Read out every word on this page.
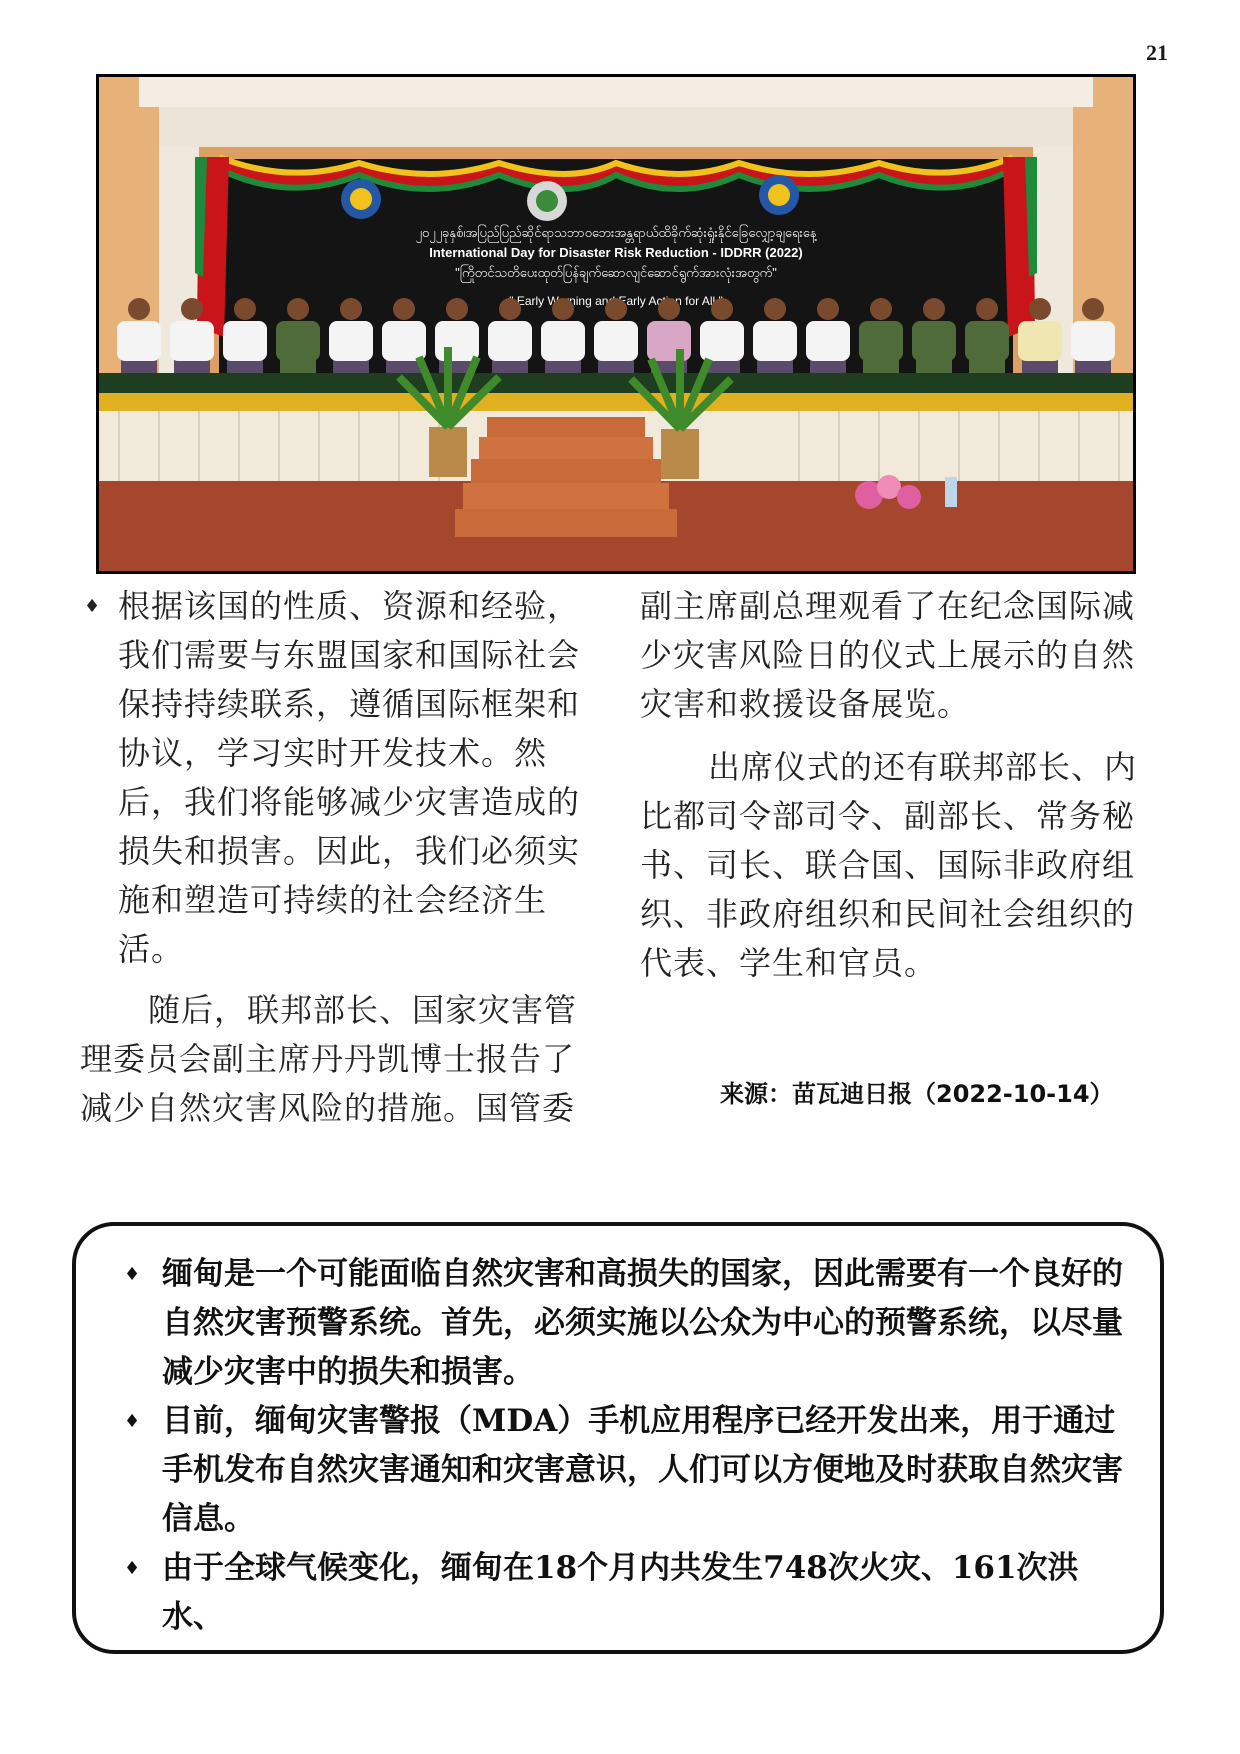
21
၂၀၂၂ခုနှစ်၊အပြည်ပြည်ဆိုင်ရာသဘာဝဘေးအန္တရာယ်ထိခိုက်ဆုံးရှုံးနိုင်ခြေလျှော့ချရေးနေ့
International Day for Disaster Risk Reduction - IDDRR (2022)
"ကြိုတင်သတိပေးထုတ်ပြန်ချက်ဆောလျင်ဆောင်ရွက်အားလုံးအတွက်"
Early and Early for All

♦ 根据该国的性质、资源和经验，我们需要与东盟国家和国际社会保持持续联系，遵循国际框架和协议，学习实时开发技术。然后，我们将能够减少灾害造成的损失和损害。因此，我们必须实施和塑造可持续的社会经济生活。

随后，联邦部长、国家灾害管理委员会副主席丹丹凯博士报告了减少自然灾害风险的措施。国管委

副主席副总理观看了在纪念国际减少灾害风险日的仪式上展示的自然灾害和救援设备展览。

出席仪式的还有联邦部长、内比都司令部司令、副部长、常务秘书、司长、联合国、国际非政府组织、非政府组织和民间社会组织的代表、学生和官员。

来源：苗瓦迪日报（2022-10-14）

♦ 缅甸是一个可能面临自然灾害和高损失的国家，因此需要有一个良好的自然灾害预警系统。首先，必须实施以公众为中心的预警系统，以尽量减少灾害中的损失和损害。

♦ 目前，缅甸灾害警报（MDA）手机应用程序已经开发出来，用于通过手机发布自然灾害通知和灾害意识，人们可以方便地及时获取自然灾害信息。

♦ 由于全球气候变化，缅甸在18个月内共发生748次火灾、161次洪水、
